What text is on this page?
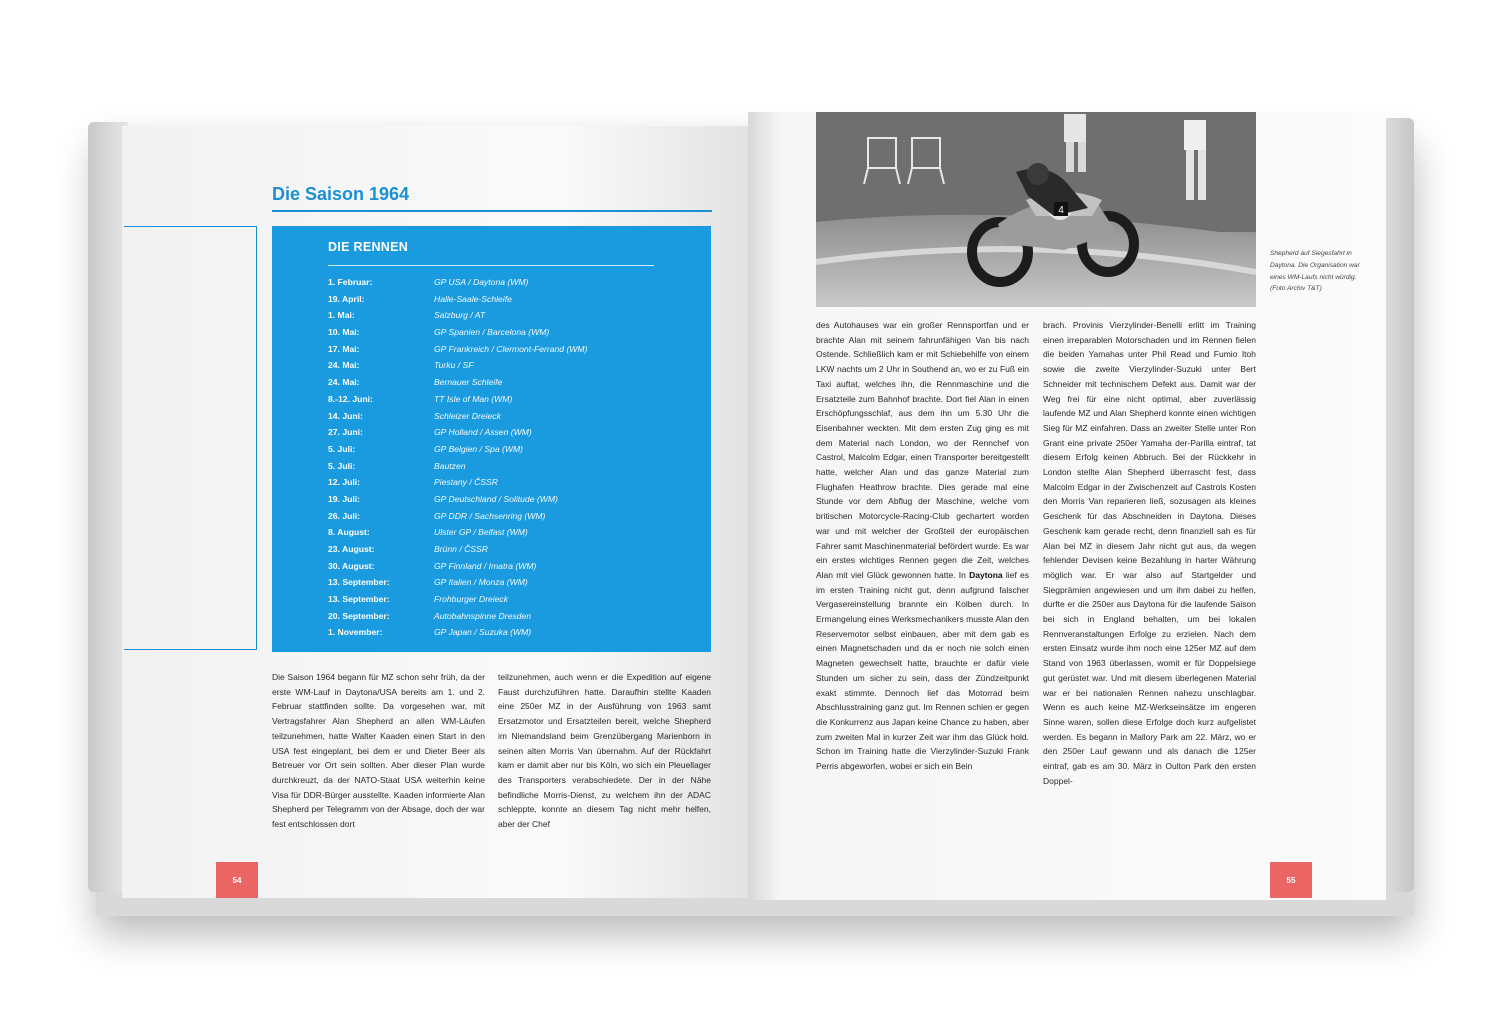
Die Saison 1964
DIE RENNEN
1. Februar:	GP USA / Daytona (WM)
19. April:	Halle-Saale-Schleife
1. Mai:	Salzburg / AT
10. Mai:	GP Spanien / Barcelona (WM)
17. Mai:	GP Frankreich / Clermont-Ferrand (WM)
24. Mai:	Turku / SF
24. Mai:	Bernauer Schleife
8.-12. Juni:	TT Isle of Man (WM)
14. Juni:	Schleizer Dreieck
27. Juni:	GP Holland / Assen (WM)
5. Juli:	GP Belgien / Spa (WM)
5. Juli:	Bautzen
12. Juli:	Piestany / ČSSR
19. Juli:	GP Deutschland / Solitude (WM)
26. Juli:	GP DDR / Sachsenring (WM)
8. August:	Ulster GP / Belfast (WM)
23. August:	Brünn / ČSSR
30. August:	GP Finnland / Imatra (WM)
13. September:	GP Italien / Monza (WM)
13. September:	Frohburger Dreieck
20. September:	Autobahnspinne Dresden
1. November:	GP Japan / Suzuka (WM)

Die Saison 1964 begann für MZ schon sehr früh, da der erste WM-Lauf in Daytona/USA bereits am 1. und 2. Februar stattfinden sollte. Da vorgesehen war, mit Vertragsfahrer Alan Shepherd an allen WM-Läufen teilzunehmen, hatte Walter Kaaden einen Start in den USA fest eingeplant, bei dem er und Dieter Beer als Betreuer vor Ort sein sollten. Aber dieser Plan wurde durchkreuzt, da der NATO-Staat USA weiterhin keine Visa für DDR-Bürger ausstellte. Kaaden informierte Alan Shepherd per Telegramm von der Absage, doch der war fest entschlossen dort

teilzunehmen, auch wenn er die Expedition auf eigene Faust durchzuführen hatte. Daraufhin stellte Kaaden eine 250er MZ in der Ausführung von 1963 samt Ersatzmotor und Ersatzteilen bereit, welche Shepherd im Niemandsland beim Grenzübergang Marienborn in seinen alten Morris Van übernahm. Auf der Rückfahrt kam er damit aber nur bis Köln, wo sich ein Pleuellager des Transporters verabschiedete. Der in der Nähe befindliche Morris-Dienst, zu welchem ihn der ADAC schleppte, konnte an diesem Tag nicht mehr helfen, aber der Chef

54
4

Shepherd auf Siegesfahrt in Daytona. Die Organisation war eines WM-Laufs nicht würdig. (Foto Archiv T&T)

des Autohauses war ein großer Rennsportfan und er brachte Alan mit seinem fahrunfähigen Van bis nach Ostende. Schließlich kam er mit Schiebehilfe von einem LKW nachts um 2 Uhr in Southend an, wo er zu Fuß ein Taxi auftat, welches ihn, die Rennmaschine und die Ersatzteile zum Bahnhof brachte. Dort fiel Alan in einen Erschöpfungsschlaf, aus dem ihn um 5.30 Uhr die Eisenbahner weckten. Mit dem ersten Zug ging es mit dem Material nach London, wo der Rennchef von Castrol, Malcolm Edgar, einen Transporter bereitgestellt hatte, welcher Alan und das ganze Material zum Flughafen Heathrow brachte. Dies gerade mal eine Stunde vor dem Abflug der Maschine, welche vom britischen Motorcycle-Racing-Club gechartert worden war und mit welcher der Großteil der europäischen Fahrer samt Maschinenmaterial befördert wurde. Es war ein erstes wichtiges Rennen gegen die Zeit, welches Alan mit viel Glück gewonnen hatte. In Daytona lief es im ersten Training nicht gut, denn aufgrund falscher Vergasereinstellung brannte ein Kolben durch. In Ermangelung eines Werksmechanikers musste Alan den Reservemotor selbst einbauen, aber mit dem gab es einen Magnetschaden und da er noch nie solch einen Magneten gewechselt hatte, brauchte er dafür viele Stunden um sicher zu sein, dass der Zündzeitpunkt exakt stimmte. Dennoch lief das Motorrad beim Abschlusstraining ganz gut. Im Rennen schien er gegen die Konkurrenz aus Japan keine Chance zu haben, aber zum zweiten Mal in kurzer Zeit war ihm das Glück hold. Schon im Training hatte die Vierzylinder-Suzuki Frank Perris abgeworfen, wobei er sich ein Bein

brach. Provinis Vierzylinder-Benelli erlitt im Training einen irreparablen Motorschaden und im Rennen fielen die beiden Yamahas unter Phil Read und Fumio Itoh sowie die zweite Vierzylinder-Suzuki unter Bert Schneider mit technischem Defekt aus. Damit war der Weg frei für eine nicht optimal, aber zuverlässig laufende MZ und Alan Shepherd konnte einen wichtigen Sieg für MZ einfahren. Dass an zweiter Stelle unter Ron Grant eine private 250er Yamaha der-Parilla eintraf, tat diesem Erfolg keinen Abbruch. Bei der Rückkehr in London stellte Alan Shepherd überrascht fest, dass Malcolm Edgar in der Zwischenzeit auf Castrols Kosten den Morris Van reparieren ließ, sozusagen als kleines Geschenk für das Abschneiden in Daytona. Dieses Geschenk kam gerade recht, denn finanziell sah es für Alan bei MZ in diesem Jahr nicht gut aus, da wegen fehlender Devisen keine Bezahlung in harter Währung möglich war. Er war also auf Startgelder und Siegprämien angewiesen und um ihm dabei zu helfen, durfte er die 250er aus Daytona für die laufende Saison bei sich in England behalten, um bei lokalen Rennveranstaltungen Erfolge zu erzielen. Nach dem ersten Einsatz wurde ihm noch eine 125er MZ auf dem Stand von 1963 überlassen, womit er für Doppelsiege gut gerüstet war. Und mit diesem überlegenen Material war er bei nationalen Rennen nahezu unschlagbar. Wenn es auch keine MZ-Werkseinsätze im engeren Sinne waren, sollen diese Erfolge doch kurz aufgelistet werden. Es begann in Mallory Park am 22. März, wo er den 250er Lauf gewann und als danach die 125er eintraf, gab es am 30. März in Oulton Park den ersten Doppel-

55
